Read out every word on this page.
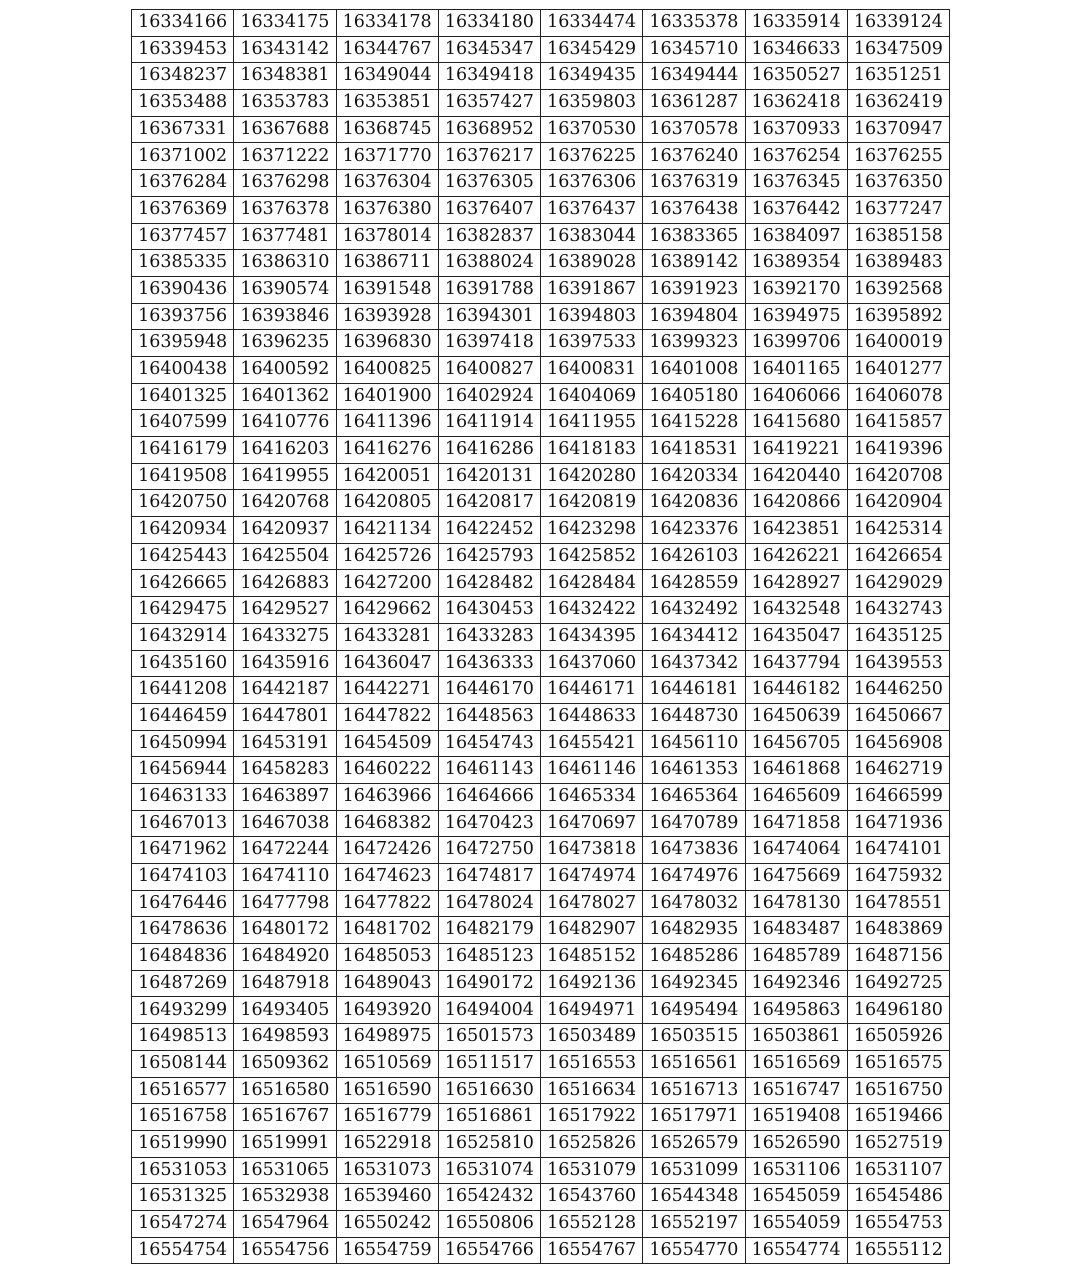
16334166	16334175	16334178	16334180	16334474	16335378	16335914	16339124
16339453	16343142	16344767	16345347	16345429	16345710	16346633	16347509
16348237	16348381	16349044	16349418	16349435	16349444	16350527	16351251
16353488	16353783	16353851	16357427	16359803	16361287	16362418	16362419
16367331	16367688	16368745	16368952	16370530	16370578	16370933	16370947
16371002	16371222	16371770	16376217	16376225	16376240	16376254	16376255
16376284	16376298	16376304	16376305	16376306	16376319	16376345	16376350
16376369	16376378	16376380	16376407	16376437	16376438	16376442	16377247
16377457	16377481	16378014	16382837	16383044	16383365	16384097	16385158
16385335	16386310	16386711	16388024	16389028	16389142	16389354	16389483
16390436	16390574	16391548	16391788	16391867	16391923	16392170	16392568
16393756	16393846	16393928	16394301	16394803	16394804	16394975	16395892
16395948	16396235	16396830	16397418	16397533	16399323	16399706	16400019
16400438	16400592	16400825	16400827	16400831	16401008	16401165	16401277
16401325	16401362	16401900	16402924	16404069	16405180	16406066	16406078
16407599	16410776	16411396	16411914	16411955	16415228	16415680	16415857
16416179	16416203	16416276	16416286	16418183	16418531	16419221	16419396
16419508	16419955	16420051	16420131	16420280	16420334	16420440	16420708
16420750	16420768	16420805	16420817	16420819	16420836	16420866	16420904
16420934	16420937	16421134	16422452	16423298	16423376	16423851	16425314
16425443	16425504	16425726	16425793	16425852	16426103	16426221	16426654
16426665	16426883	16427200	16428482	16428484	16428559	16428927	16429029
16429475	16429527	16429662	16430453	16432422	16432492	16432548	16432743
16432914	16433275	16433281	16433283	16434395	16434412	16435047	16435125
16435160	16435916	16436047	16436333	16437060	16437342	16437794	16439553
16441208	16442187	16442271	16446170	16446171	16446181	16446182	16446250
16446459	16447801	16447822	16448563	16448633	16448730	16450639	16450667
16450994	16453191	16454509	16454743	16455421	16456110	16456705	16456908
16456944	16458283	16460222	16461143	16461146	16461353	16461868	16462719
16463133	16463897	16463966	16464666	16465334	16465364	16465609	16466599
16467013	16467038	16468382	16470423	16470697	16470789	16471858	16471936
16471962	16472244	16472426	16472750	16473818	16473836	16474064	16474101
16474103	16474110	16474623	16474817	16474974	16474976	16475669	16475932
16476446	16477798	16477822	16478024	16478027	16478032	16478130	16478551
16478636	16480172	16481702	16482179	16482907	16482935	16483487	16483869
16484836	16484920	16485053	16485123	16485152	16485286	16485789	16487156
16487269	16487918	16489043	16490172	16492136	16492345	16492346	16492725
16493299	16493405	16493920	16494004	16494971	16495494	16495863	16496180
16498513	16498593	16498975	16501573	16503489	16503515	16503861	16505926
16508144	16509362	16510569	16511517	16516553	16516561	16516569	16516575
16516577	16516580	16516590	16516630	16516634	16516713	16516747	16516750
16516758	16516767	16516779	16516861	16517922	16517971	16519408	16519466
16519990	16519991	16522918	16525810	16525826	16526579	16526590	16527519
16531053	16531065	16531073	16531074	16531079	16531099	16531106	16531107
16531325	16532938	16539460	16542432	16543760	16544348	16545059	16545486
16547274	16547964	16550242	16550806	16552128	16552197	16554059	16554753
16554754	16554756	16554759	16554766	16554767	16554770	16554774	16555112
